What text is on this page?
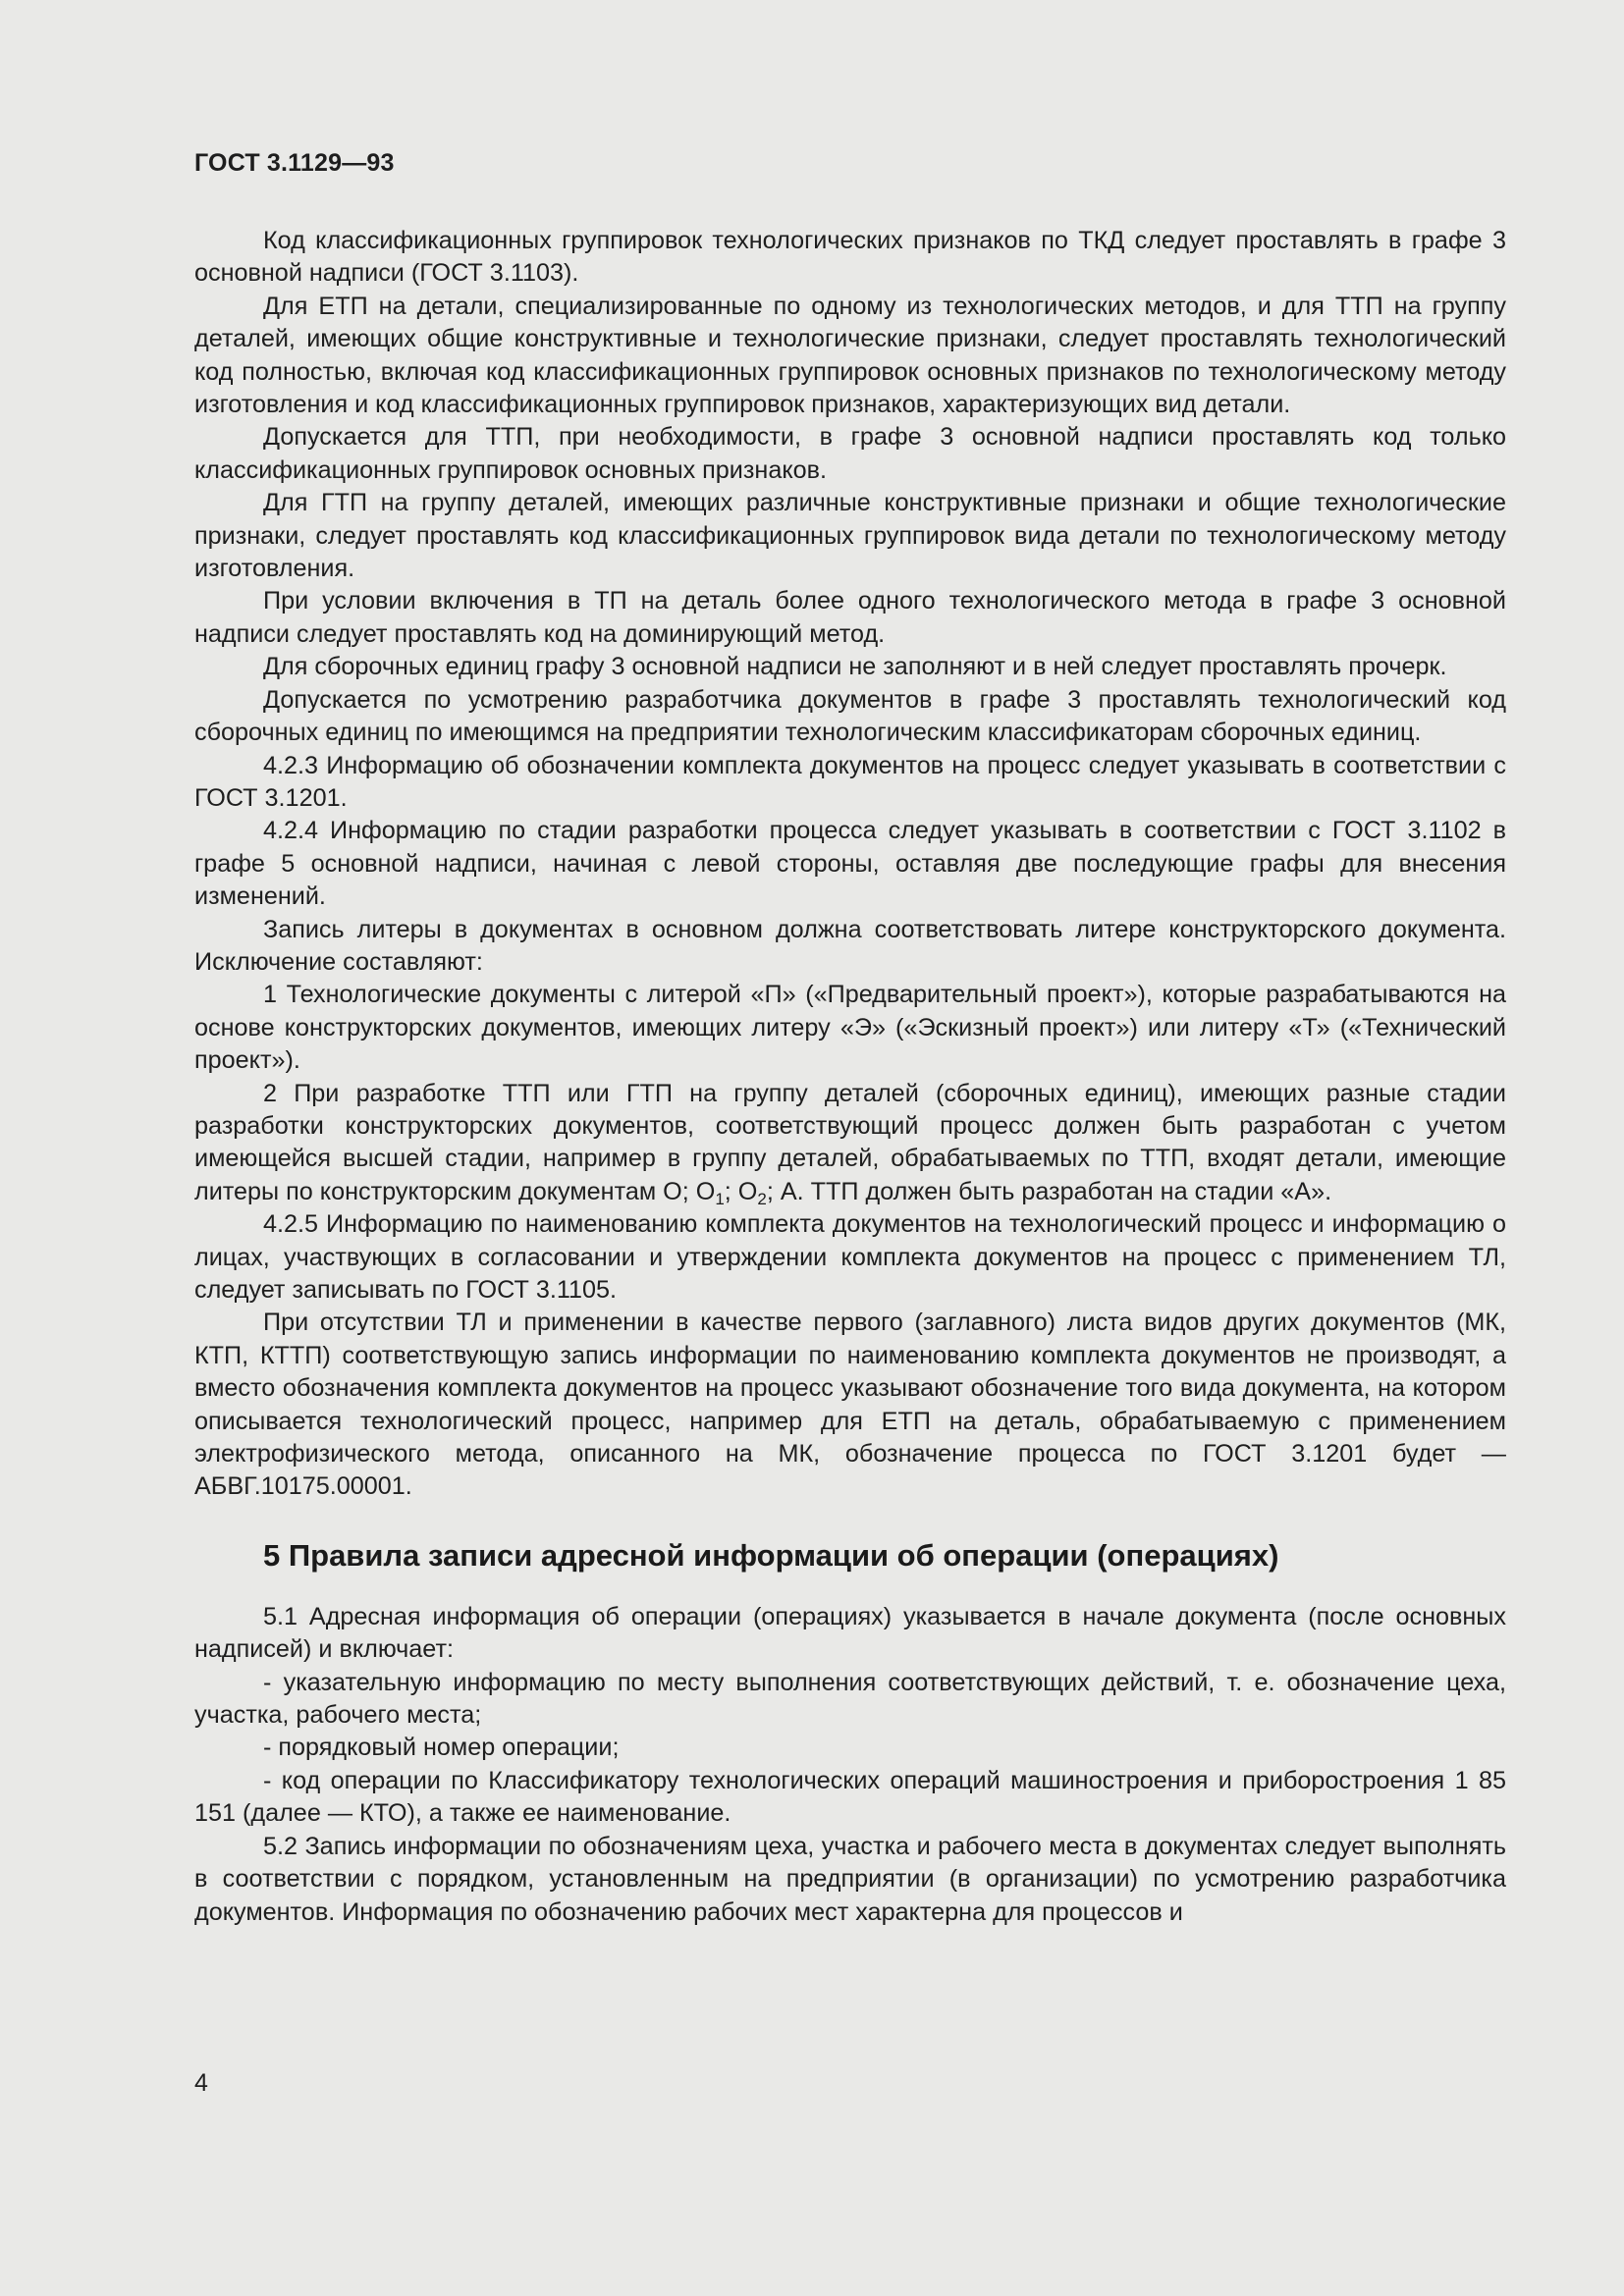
ГОСТ 3.1129—93

Код классификационных группировок технологических признаков по ТКД следует проставлять в графе 3 основной надписи (ГОСТ 3.1103).

Для ЕТП на детали, специализированные по одному из технологических методов, и для ТТП на группу деталей, имеющих общие конструктивные и технологические признаки, следует проставлять технологический код полностью, включая код классификационных группировок основных признаков по технологическому методу изготовления и код классификационных группировок признаков, характеризующих вид детали.

Допускается для ТТП, при необходимости, в графе 3 основной надписи проставлять код только классификационных группировок основных признаков.

Для ГТП на группу деталей, имеющих различные конструктивные признаки и общие технологические признаки, следует проставлять код классификационных группировок вида детали по технологическому методу изготовления.

При условии включения в ТП на деталь более одного технологического метода в графе 3 основной надписи следует проставлять код на доминирующий метод.

Для сборочных единиц графу 3 основной надписи не заполняют и в ней следует проставлять прочерк.

Допускается по усмотрению разработчика документов в графе 3 проставлять технологический код сборочных единиц по имеющимся на предприятии технологическим классификаторам сборочных единиц.

4.2.3 Информацию об обозначении комплекта документов на процесс следует указывать в соответствии с ГОСТ 3.1201.

4.2.4 Информацию по стадии разработки процесса следует указывать в соответствии с ГОСТ 3.1102 в графе 5 основной надписи, начиная с левой стороны, оставляя две последующие графы для внесения изменений.

Запись литеры в документах в основном должна соответствовать литере конструкторского документа. Исключение составляют:

1 Технологические документы с литерой «П» («Предварительный проект»), которые разрабатываются на основе конструкторских документов, имеющих литеру «Э» («Эскизный проект») или литеру «Т» («Технический проект»).

2 При разработке ТТП или ГТП на группу деталей (сборочных единиц), имеющих разные стадии разработки конструкторских документов, соответствующий процесс должен быть разработан с учетом имеющейся высшей стадии, например в группу деталей, обрабатываемых по ТТП, входят детали, имеющие литеры по конструкторским документам О; $О_1$; $О_2$; А. ТТП должен быть разработан на стадии «А».

4.2.5 Информацию по наименованию комплекта документов на технологический процесс и информацию о лицах, участвующих в согласовании и утверждении комплекта документов на процесс с применением ТЛ, следует записывать по ГОСТ 3.1105.

При отсутствии ТЛ и применении в качестве первого (заглавного) листа видов других документов (МК, КТП, КТТП) соответствующую запись информации по наименованию комплекта документов не производят, а вместо обозначения комплекта документов на процесс указывают обозначение того вида документа, на котором описывается технологический процесс, например для ЕТП на деталь, обрабатываемую с применением электрофизического метода, описанного на МК, обозначение процесса по ГОСТ 3.1201 будет — АБВГ.10175.00001.

5 Правила записи адресной информации об операции (операциях)

5.1 Адресная информация об операции (операциях) указывается в начале документа (после основных надписей) и включает:

- указательную информацию по месту выполнения соответствующих действий, т. е. обозначение цеха, участка, рабочего места;

- порядковый номер операции;

- код операции по Классификатору технологических операций машиностроения и приборостроения 1 85 151 (далее — КТО), а также ее наименование.

5.2 Запись информации по обозначениям цеха, участка и рабочего места в документах следует выполнять в соответствии с порядком, установленным на предприятии (в организации) по усмотрению разработчика документов. Информация по обозначению рабочих мест характерна для процессов и

4
